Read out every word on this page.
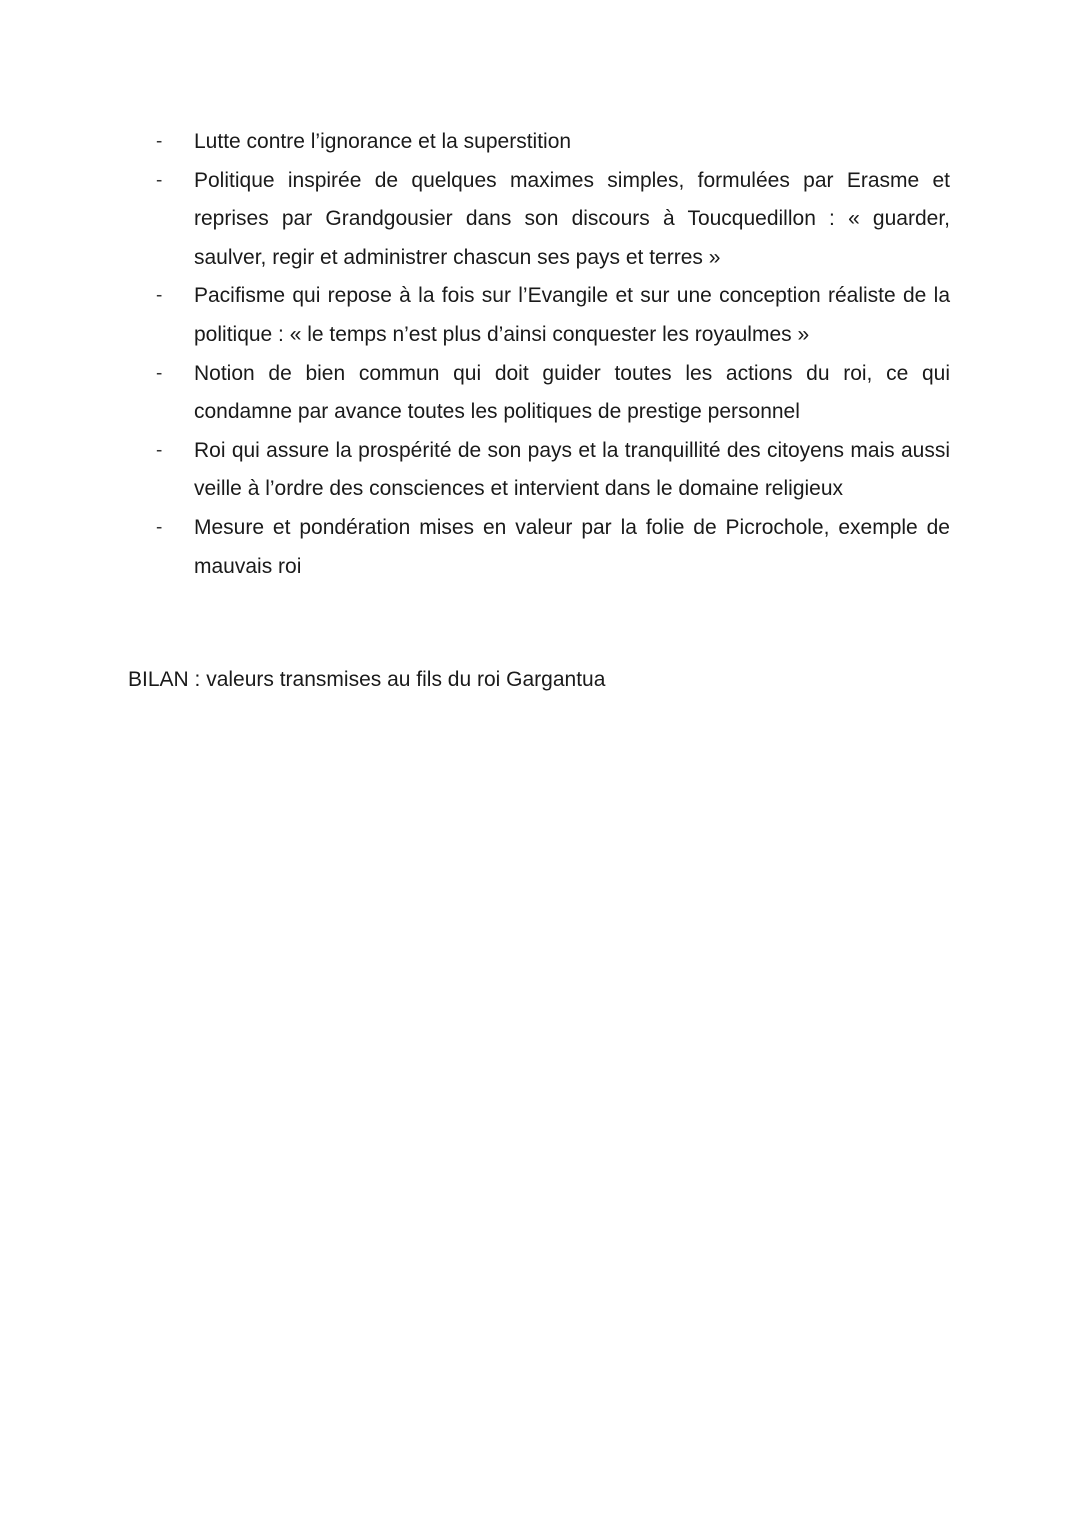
- Lutte contre l’ignorance et la superstition
- Politique inspirée de quelques maximes simples, formulées par Erasme et reprises par Grandgousier dans son discours à Toucquedillon : « guarder, saulver, regir et administrer chascun ses pays et terres »
- Pacifisme qui repose à la fois sur l’Evangile et sur une conception réaliste de la politique : « le temps n’est plus d’ainsi conquester les royaulmes »
- Notion de bien commun qui doit guider toutes les actions du roi, ce qui condamne par avance toutes les politiques de prestige personnel
- Roi qui assure la prospérité de son pays et la tranquillité des citoyens mais aussi veille à l’ordre des consciences et intervient dans le domaine religieux
- Mesure et pondération mises en valeur par la folie de Picrochole, exemple de mauvais roi

BILAN : valeurs transmises au fils du roi Gargantua
